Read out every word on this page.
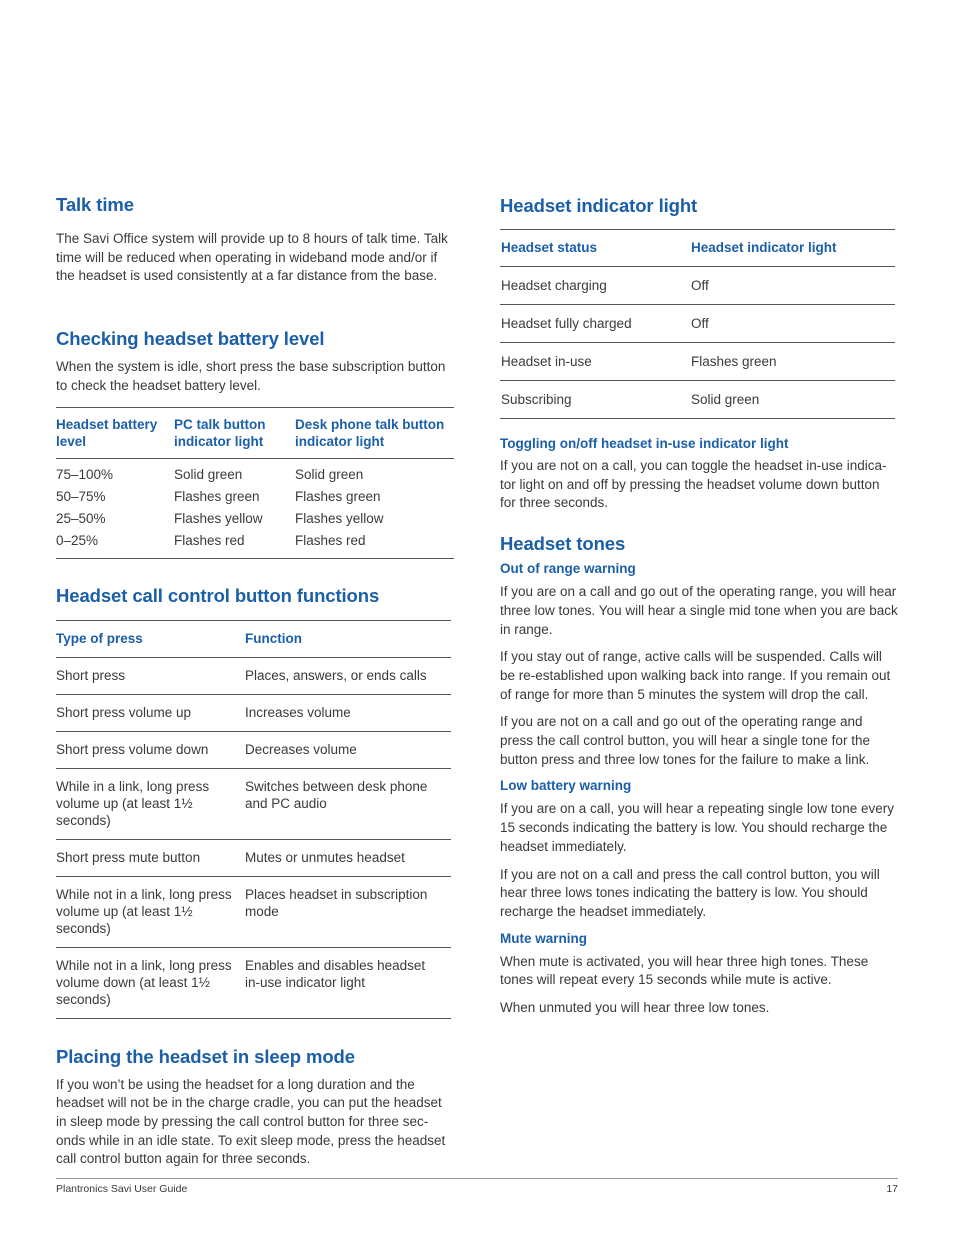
Talk time

The Savi Office system will provide up to 8 hours of talk time. Talk time will be reduced when operating in wideband mode and/or if the headset is used consistently at a far distance from the base.

Checking headset battery level

When the system is idle, short press the base subscription button to check the headset battery level.

Headset battery level	PC talk button indicator light	Desk phone talk button indicator light
75–100%	Solid green	Solid green
50–75%	Flashes green	Flashes green
25–50%	Flashes yellow	Flashes yellow
0–25%	Flashes red	Flashes red
Headset call control button functions
Type of press	Function
Short press	Places, answers, or ends calls
Short press volume up	Increases volume
Short press volume down	Decreases volume
While in a link, long press volume up (at least 1½ seconds)	Switches between desk phone and PC audio
Short press mute button	Mutes or unmutes headset
While not in a link, long press volume up (at least 1½ seconds)	Places headset in subscription mode
While not in a link, long press volume down (at least 1½ seconds)	Enables and disables headset in-use indicator light
Placing the headset in sleep mode

If you won’t be using the headset for a long duration and the headset will not be in the charge cradle, you can put the headset in sleep mode by pressing the call control button for three sec-onds while in an idle state. To exit sleep mode, press the headset call control button again for three seconds.

Headset indicator light
Headset status	Headset indicator light
Headset charging	Off
Headset fully charged	Off
Headset in-use	Flashes green
Subscribing	Solid green
Toggling on/off headset in-use indicator light

If you are not on a call, you can toggle the headset in-use indica-tor light on and off by pressing the headset volume down button for three seconds.

Headset tones
Out of range warning

If you are on a call and go out of the operating range, you will hear three low tones. You will hear a single mid tone when you are back in range.

If you stay out of range, active calls will be suspended. Calls will be re-established upon walking back into range. If you remain out of range for more than 5 minutes the system will drop the call.

If you are not on a call and go out of the operating range and press the call control button, you will hear a single tone for the button press and three low tones for the failure to make a link.

Low battery warning

If you are on a call, you will hear a repeating single low tone every 15 seconds indicating the battery is low. You should recharge the headset immediately.

If you are not on a call and press the call control button, you will hear three lows tones indicating the battery is low. You should recharge the headset immediately.

Mute warning

When mute is activated, you will hear three high tones. These tones will repeat every 15 seconds while mute is active.

When unmuted you will hear three low tones.

Plantronics Savi User Guide	17
